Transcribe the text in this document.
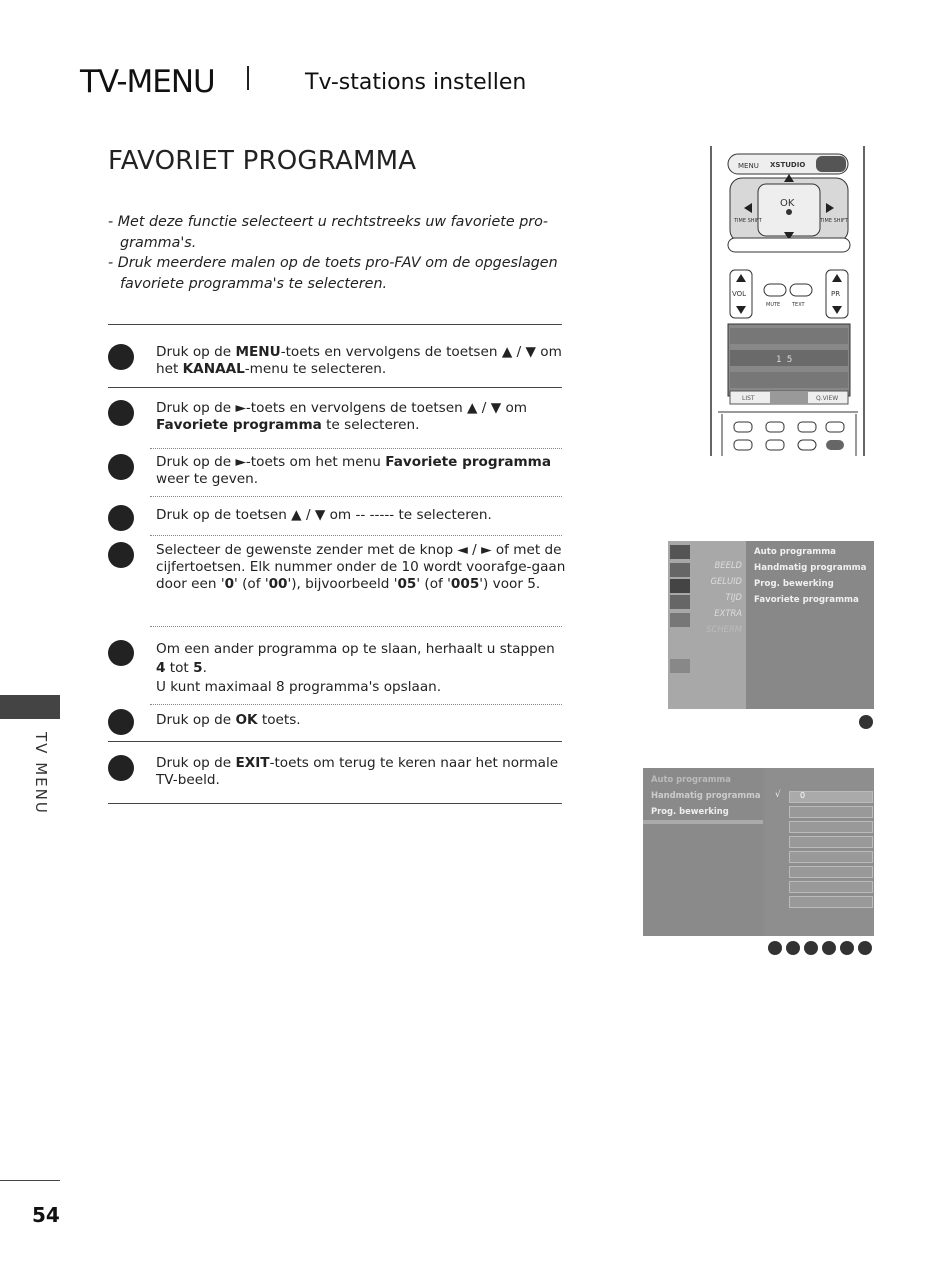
TV-MENU	Tv-stations instellen
FAVORIET PROGRAMMA

- Met deze functie selecteert u rechtstreeks uw favoriete pro-gramma's.

- Druk meerdere malen op de toets pro-FAV om de opgeslagen favoriete programma's te selecteren.

Druk op de MENU-toets en vervolgens de toetsen ▲ / ▼ om het KANAAL-menu te selecteren.
Druk op de ►-toets en vervolgens de toetsen ▲ / ▼ om Favoriete programma te selecteren.
Druk op de ►-toets om het menu Favoriete programma weer te geven.
Druk op de toetsen ▲ / ▼ om -- ----- te selecteren.
Selecteer de gewenste zender met de knop ◄ / ► of met de cijfertoetsen. Elk nummer onder de 10 wordt voorafge-gaan door een '0' (of '00'), bijvoorbeeld '05' (of '005') voor 5.
Om een ander programma op te slaan, herhaalt u stappen 4 tot 5.
U kunt maximaal 8 programma's opslaan.
Druk op de OK toets.
Druk op de EXIT-toets om terug te keren naar het normale TV-beeld.
TV MENU
54
MENU XSTUDIO
OK
TIME SHIFT	TIME SHIFT
VOL	PR
MUTE TEXT
1 5
LIST	Q.VIEW
BEELD
GELUID
TIJD
EXTRA
SCHERM
Auto programma
Handmatig programma
Prog. bewerking
Favoriete programma
Auto programma
Handmatig programma
Prog. bewerking
√ 0
